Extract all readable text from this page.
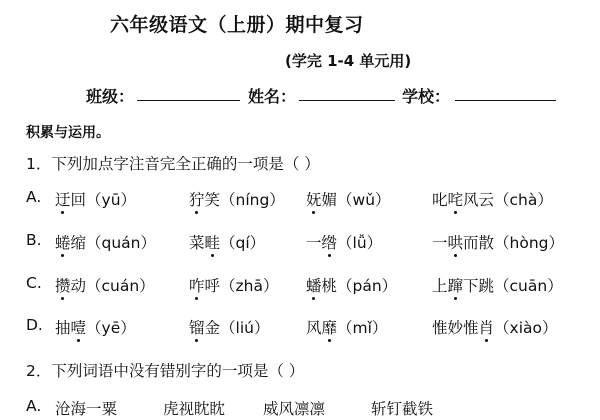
六年级语文（上册）期中复习
(学完 1-4 单元用)
班级：	姓名：	学校：
积累与运用。
1．下列加点字注音完全正确的一项是（ ）
A. 迂回（yū）	狞笑（níng） 妩媚（wǔ）	叱咤风云（chà）
B. 蜷缩（quán） 菜畦（qí）	一绺（lǚ）	一哄而散（hòng）
C. 攒动（cuán） 咋呼（zhā） 蟠桃（pán） 上蹿下跳（cuān）
D. 抽噎（yē）	镏金（liú） 风靡（mǐ）	惟妙惟肖（xiào）
2．下列词语中没有错别字的一项是（ ）
A. 沧海一粟	虎视眈眈 威风凛凛	斩钉截铁
